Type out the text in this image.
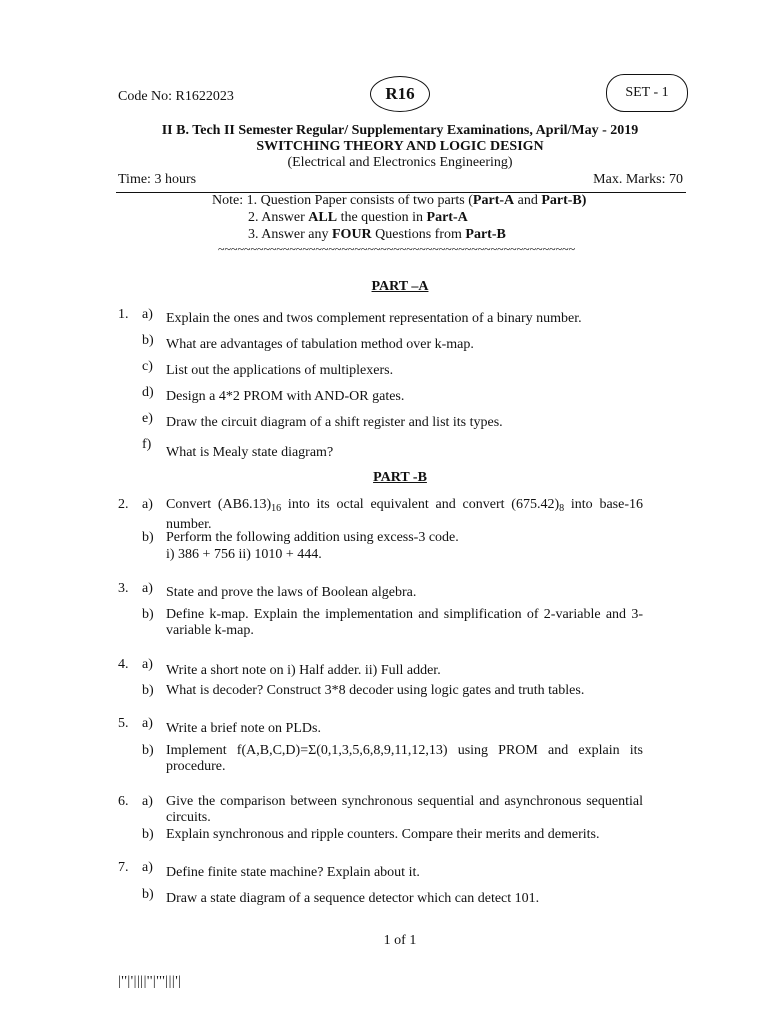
Code No: R1622023	R16	SET - 1
II B. Tech II Semester Regular/ Supplementary Examinations, April/May - 2019
SWITCHING THEORY AND LOGIC DESIGN
(Electrical and Electronics Engineering)
Time: 3 hours	Max. Marks: 70
Note: 1. Question Paper consists of two parts (Part-A and Part-B)
2. Answer ALL the question in Part-A
3. Answer any FOUR Questions from Part-B
~~~~~~~~~~~~~~~~~~~~~~~~~~~~~~~~~~~~~~~~~~~~~~~~~~~~~~~
PART –A
1. a) Explain the ones and twos complement representation of a binary number.
b) What are advantages of tabulation method over k-map.
c) List out the applications of multiplexers.
d) Design a 4*2 PROM with AND-OR gates.
e) Draw the circuit diagram of a shift register and list its types.
f)
What is Mealy state diagram?
PART -B
2. a) Convert $(AB6.13)_{16}$ into its octal equivalent and convert $(675.42)_8$ into base-16 number.
b) Perform the following addition using excess-3 code.
i) 386 + 756 ii) 1010 + 444.
3. a) State and prove the laws of Boolean algebra.
b) Define k-map. Explain the implementation and simplification of 2-variable and 3-variable k-map.
4. a) Write a short note on i) Half adder. ii) Full adder.
b) What is decoder? Construct 3*8 decoder using logic gates and truth tables.
5. a) Write a brief note on PLDs.
b) Implement f(A,B,C,D)=Σ(0,1,3,5,6,8,9,11,12,13) using PROM and explain its procedure.
6. a) Give the comparison between synchronous sequential and asynchronous sequential circuits.
b) Explain synchronous and ripple counters. Compare their merits and demerits.
7. a) Define finite state machine? Explain about it.
b) Draw a state diagram of a sequence detector which can detect 101.
1 of 1
|''|'||||''|'''|||'|
